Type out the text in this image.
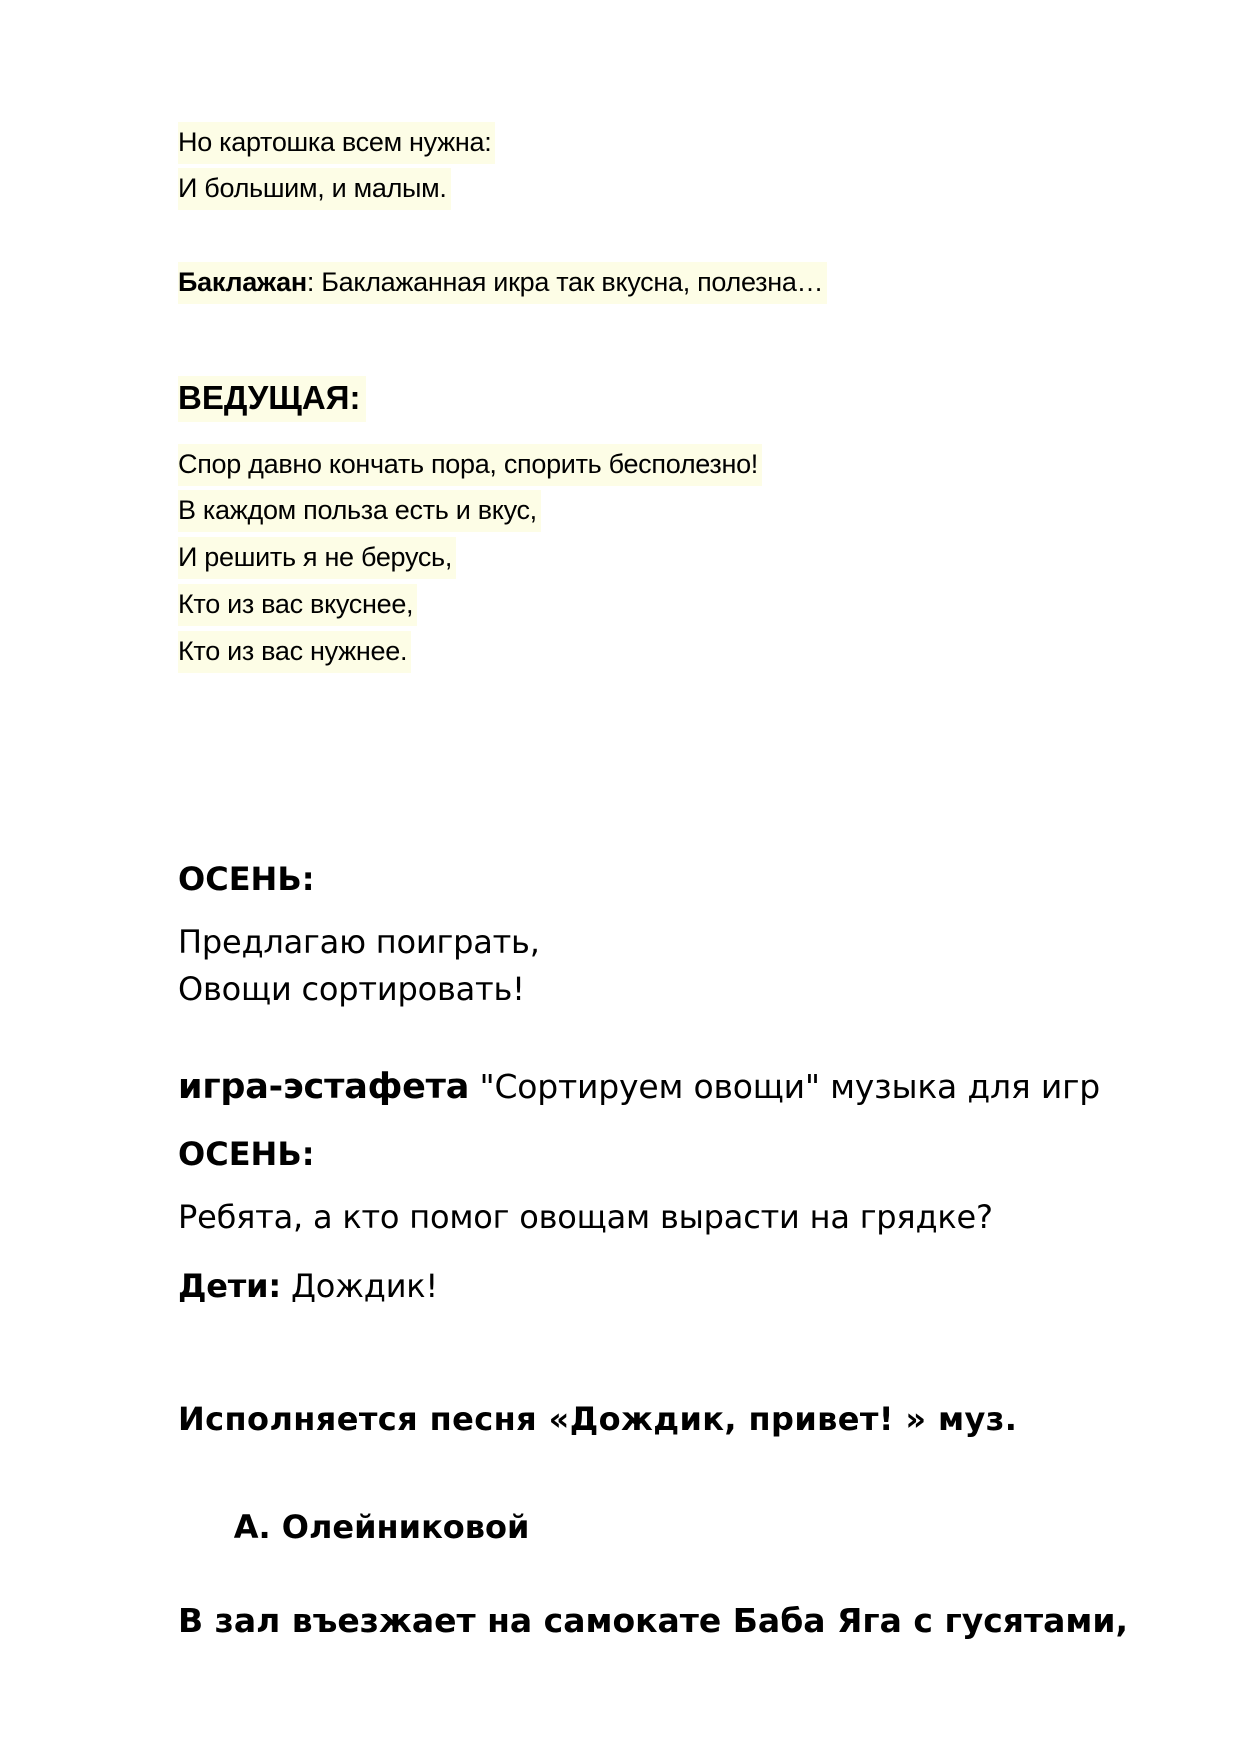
Но картошка всем нужна:
И большим, и малым.
Баклажан: Баклажанная икра так вкусна, полезна…
ВЕДУЩАЯ:
Спор давно кончать пора, спорить бесполезно!
В каждом польза есть и вкус,
И решить я не берусь,
Кто из вас вкуснее,
Кто из вас нужнее.
ОСЕНЬ:
Предлагаю поиграть,
Овощи сортировать!
игра-эстафета "Сортируем овощи" музыка для игр
ОСЕНЬ:
Ребята, а кто помог овощам вырасти на грядке?
Дети: Дождик!
Исполняется песня «Дождик, привет! » муз.

А. Олейниковой

В зал въезжает на самокате Баба Яга с гусятами,
